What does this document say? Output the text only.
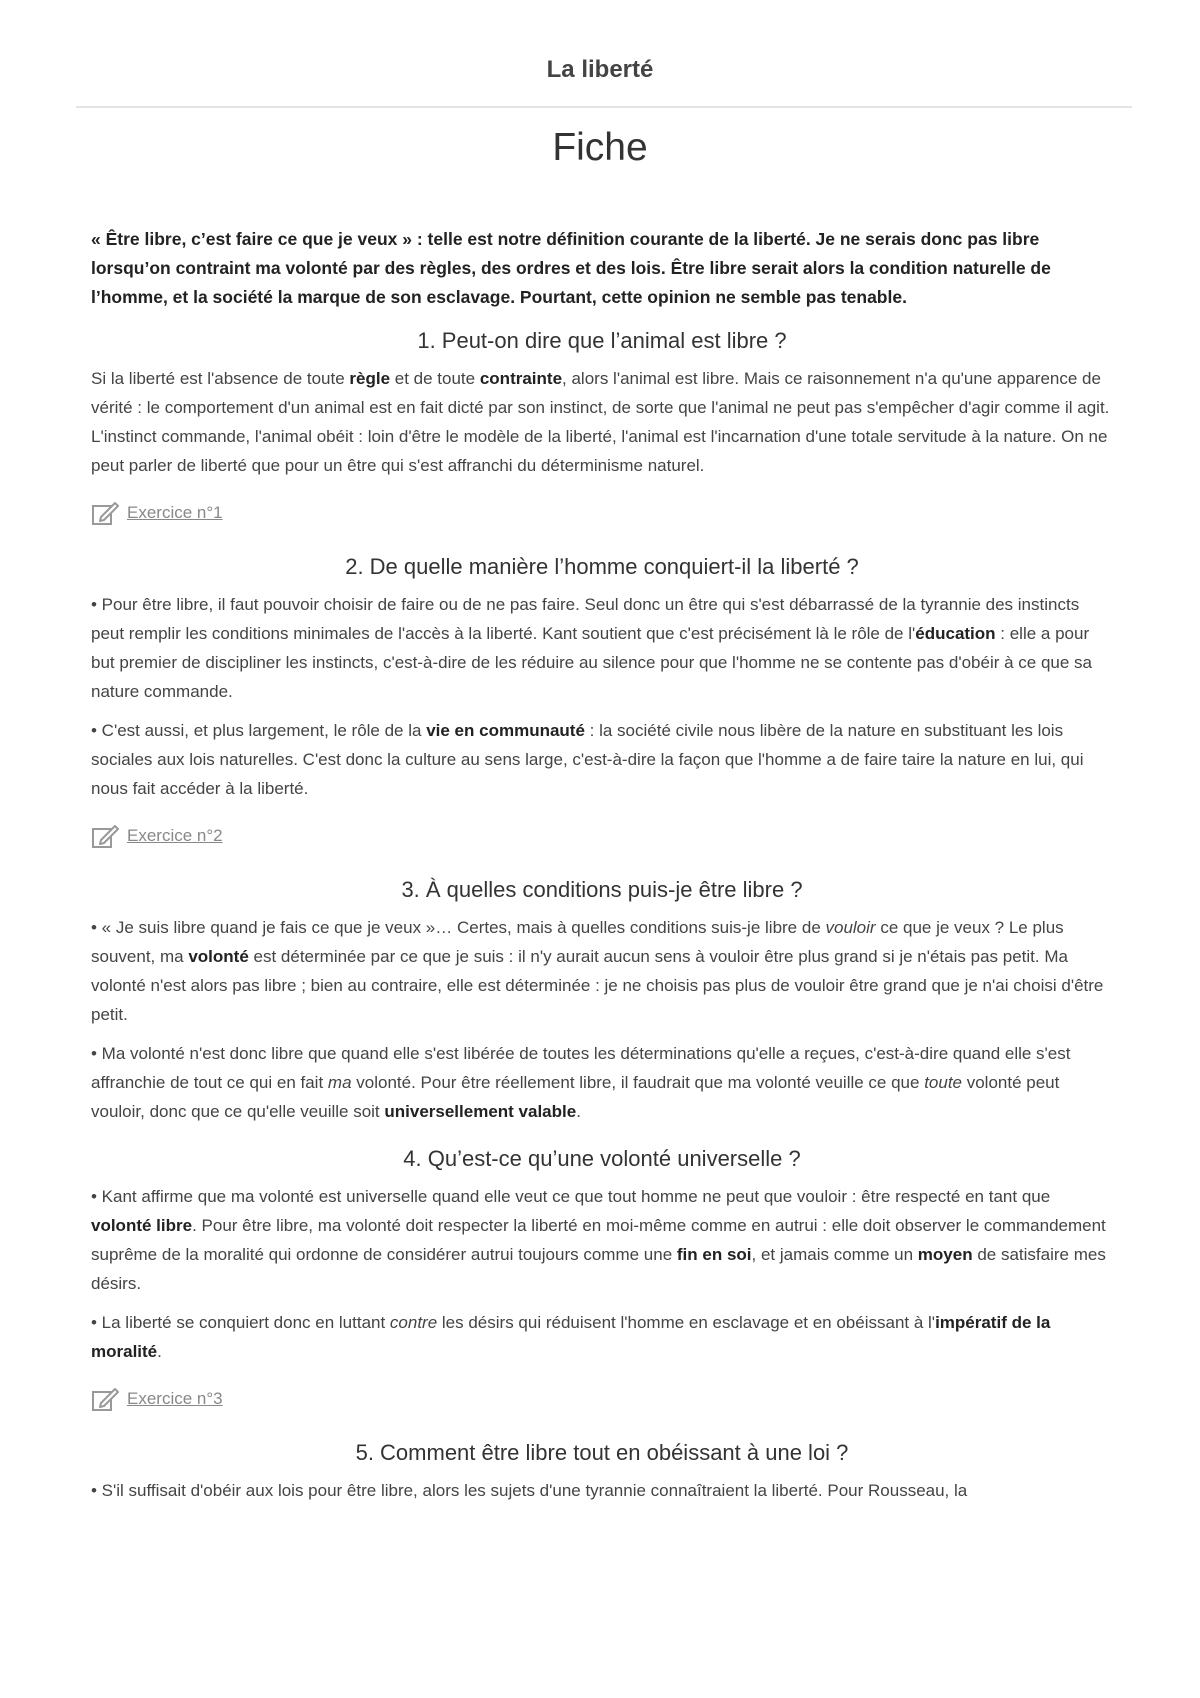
La liberté
Fiche

« Être libre, c’est faire ce que je veux » : telle est notre définition courante de la liberté. Je ne serais donc pas libre lorsqu’on contraint ma volonté par des règles, des ordres et des lois. Être libre serait alors la condition naturelle de l’homme, et la société la marque de son esclavage. Pourtant, cette opinion ne semble pas tenable.

1. Peut-on dire que l’animal est libre ?

Si la liberté est l'absence de toute règle et de toute contrainte, alors l'animal est libre. Mais ce raisonnement n'a qu'une apparence de vérité : le comportement d'un animal est en fait dicté par son instinct, de sorte que l'animal ne peut pas s'empêcher d'agir comme il agit. L'instinct commande, l'animal obéit : loin d'être le modèle de la liberté, l'animal est l'incarnation d'une totale servitude à la nature. On ne peut parler de liberté que pour un être qui s'est affranchi du déterminisme naturel.

Exercice n°1
2. De quelle manière l’homme conquiert-il la liberté ?

• Pour être libre, il faut pouvoir choisir de faire ou de ne pas faire. Seul donc un être qui s'est débarrassé de la tyrannie des instincts peut remplir les conditions minimales de l'accès à la liberté. Kant soutient que c'est précisément là le rôle de l'éducation : elle a pour but premier de discipliner les instincts, c'est-à-dire de les réduire au silence pour que l'homme ne se contente pas d'obéir à ce que sa nature commande.

• C'est aussi, et plus largement, le rôle de la vie en communauté : la société civile nous libère de la nature en substituant les lois sociales aux lois naturelles. C'est donc la culture au sens large, c'est-à-dire la façon que l'homme a de faire taire la nature en lui, qui nous fait accéder à la liberté.

Exercice n°2
3. À quelles conditions puis-je être libre ?

• « Je suis libre quand je fais ce que je veux »… Certes, mais à quelles conditions suis-je libre de vouloir ce que je veux ? Le plus souvent, ma volonté est déterminée par ce que je suis : il n'y aurait aucun sens à vouloir être plus grand si je n'étais pas petit. Ma volonté n'est alors pas libre ; bien au contraire, elle est déterminée : je ne choisis pas plus de vouloir être grand que je n'ai choisi d'être petit.

• Ma volonté n'est donc libre que quand elle s'est libérée de toutes les déterminations qu'elle a reçues, c'est-à-dire quand elle s'est affranchie de tout ce qui en fait ma volonté. Pour être réellement libre, il faudrait que ma volonté veuille ce que toute volonté peut vouloir, donc que ce qu'elle veuille soit universellement valable.

4. Qu’est-ce qu’une volonté universelle ?

• Kant affirme que ma volonté est universelle quand elle veut ce que tout homme ne peut que vouloir : être respecté en tant que volonté libre. Pour être libre, ma volonté doit respecter la liberté en moi-même comme en autrui : elle doit observer le commandement suprême de la moralité qui ordonne de considérer autrui toujours comme une fin en soi, et jamais comme un moyen de satisfaire mes désirs.

• La liberté se conquiert donc en luttant contre les désirs qui réduisent l'homme en esclavage et en obéissant à l'impératif de la moralité.

Exercice n°3
5. Comment être libre tout en obéissant à une loi ?

• S'il suffisait d'obéir aux lois pour être libre, alors les sujets d'une tyrannie connaîtraient la liberté. Pour Rousseau, la
